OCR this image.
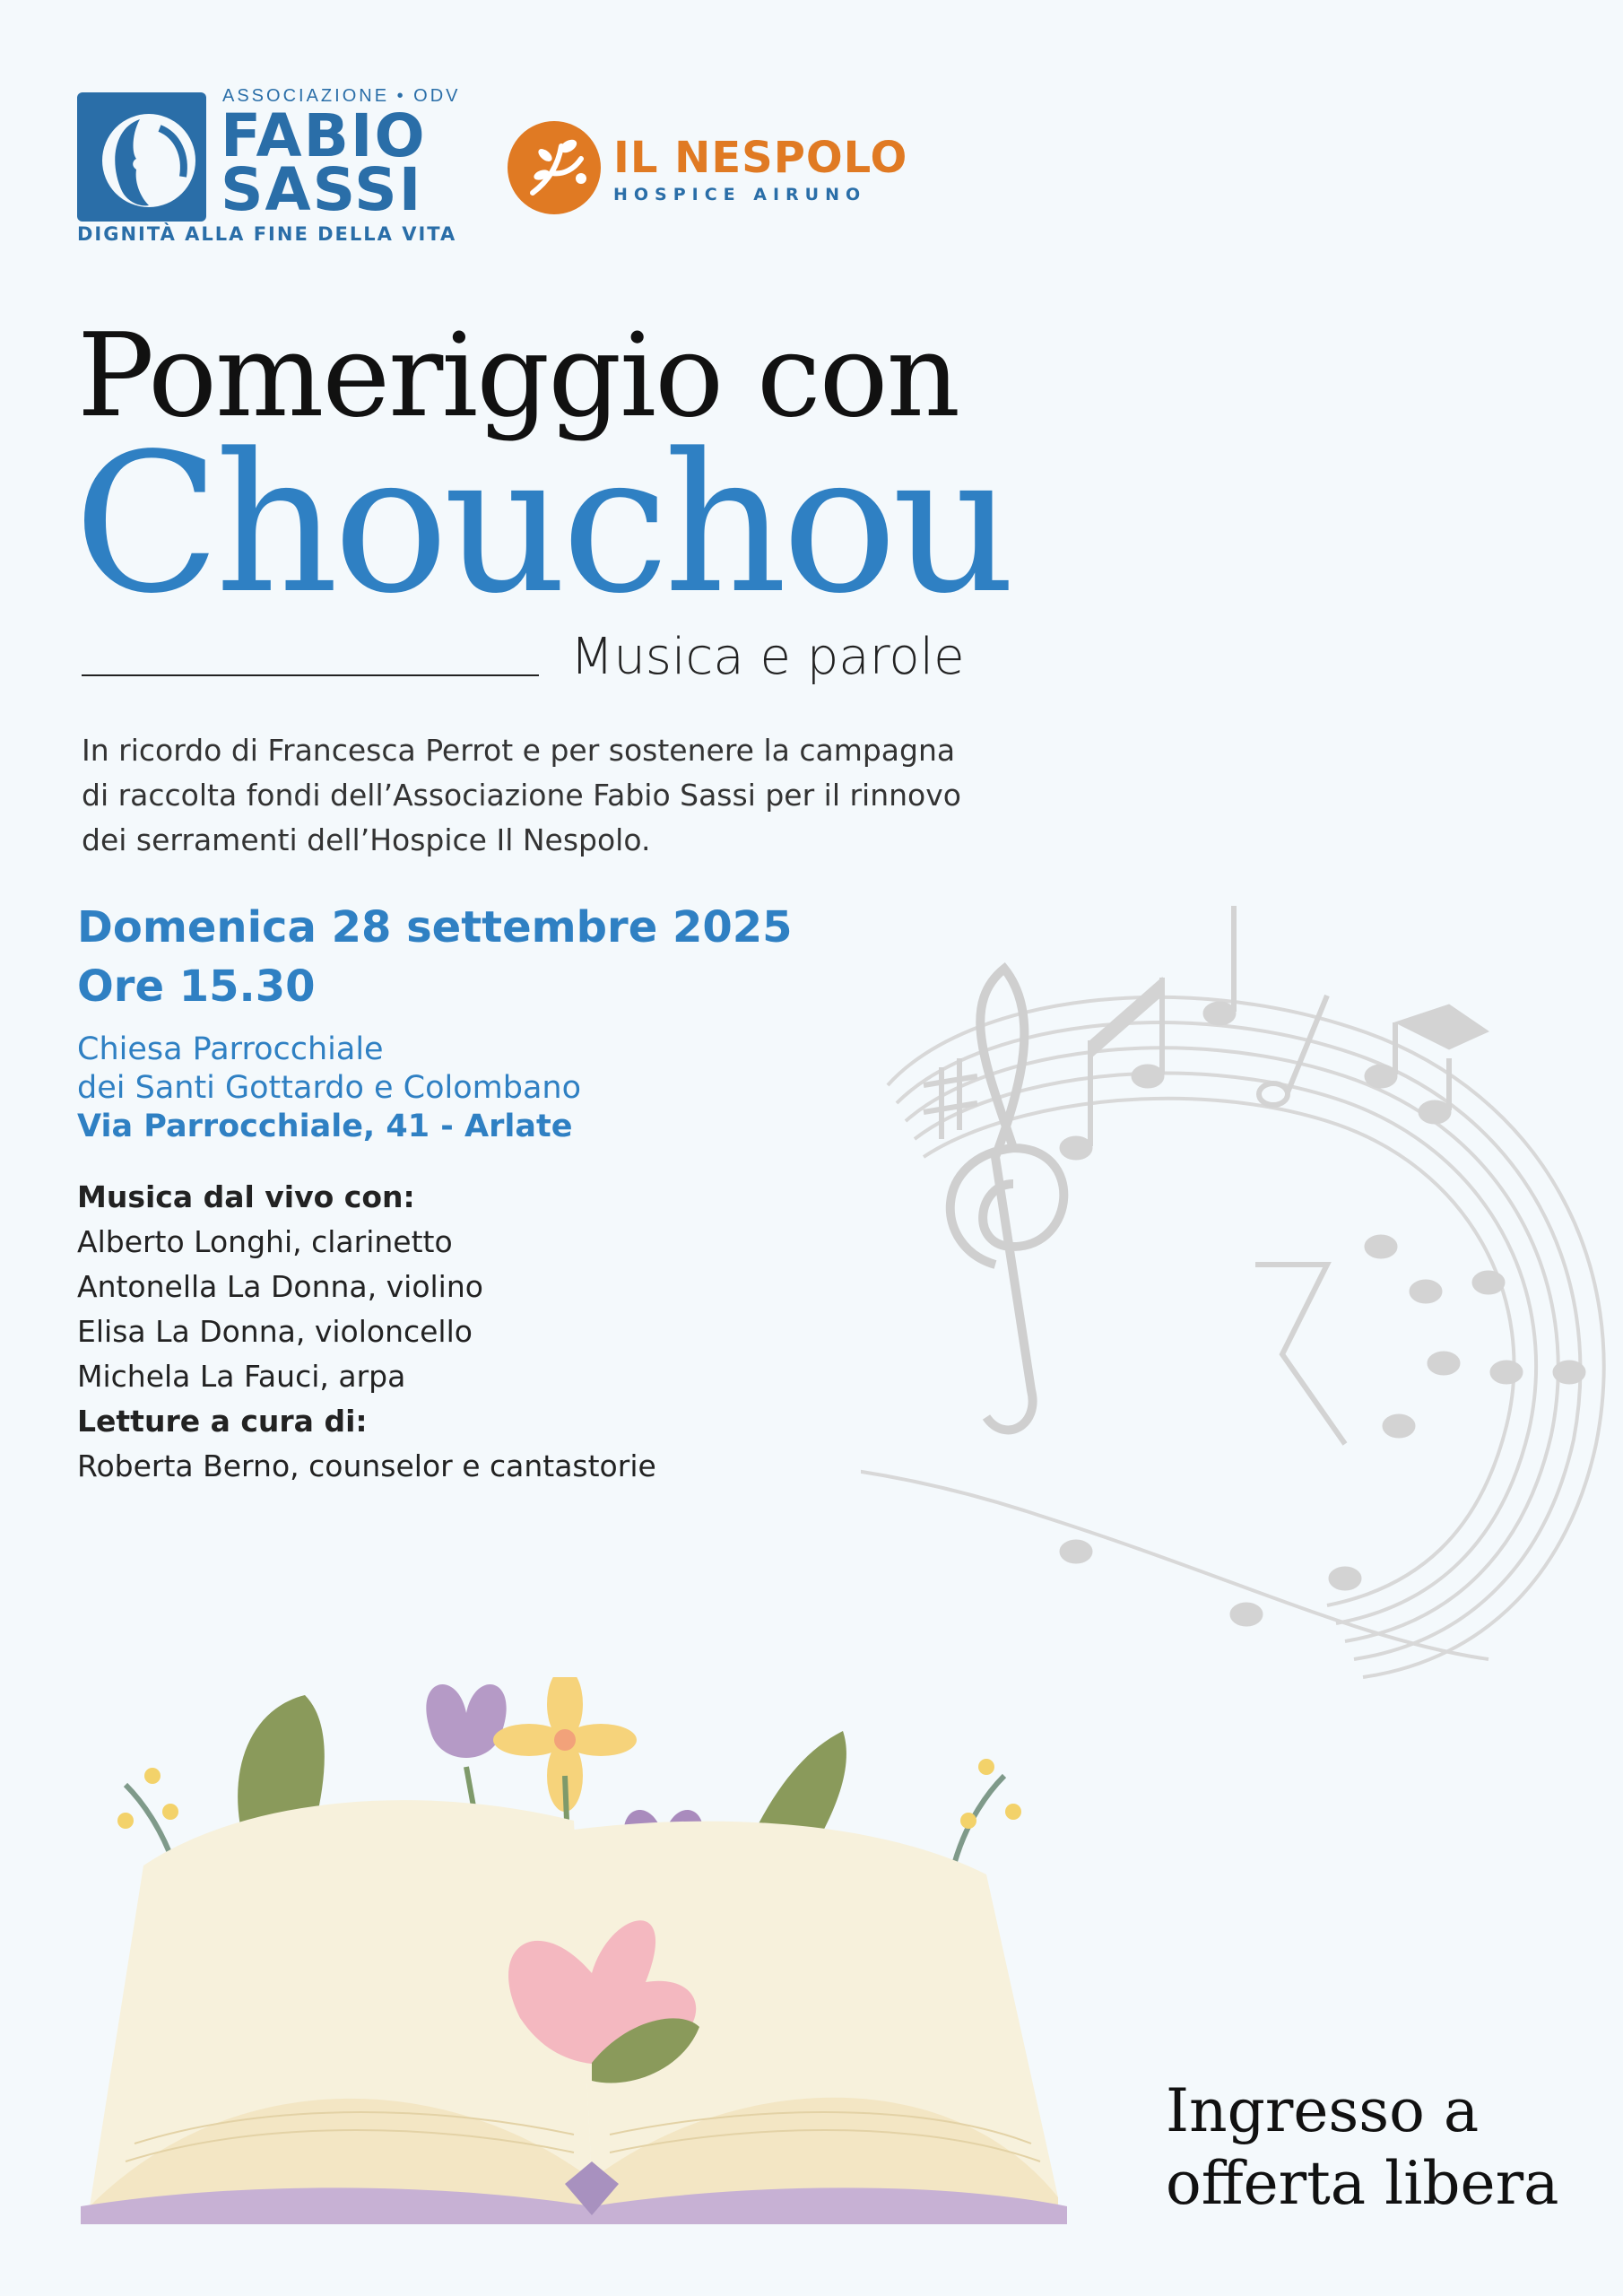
ASSOCIAZIONE • ODV
FABIO
SASSI
DIGNITÀ ALLA FINE DELLA VITA
IL NESPOLO
HOSPICE AIRUNO
Pomeriggio con
Chouchou
Musica e parole
In ricordo di Francesca Perrot e per sostenere la campagna
di raccolta fondi dell’Associazione Fabio Sassi per il rinnovo
dei serramenti dell’Hospice Il Nespolo.
Domenica 28 settembre 2025
Ore 15.30
Chiesa Parrocchiale
dei Santi Gottardo e Colombano
Via Parrocchiale, 41 - Arlate
Musica dal vivo con:
Alberto Longhi, clarinetto
Antonella La Donna, violino
Elisa La Donna, violoncello
Michela La Fauci, arpa
Letture a cura di:
Roberta Berno, counselor e cantastorie
Ingresso a
offerta libera
